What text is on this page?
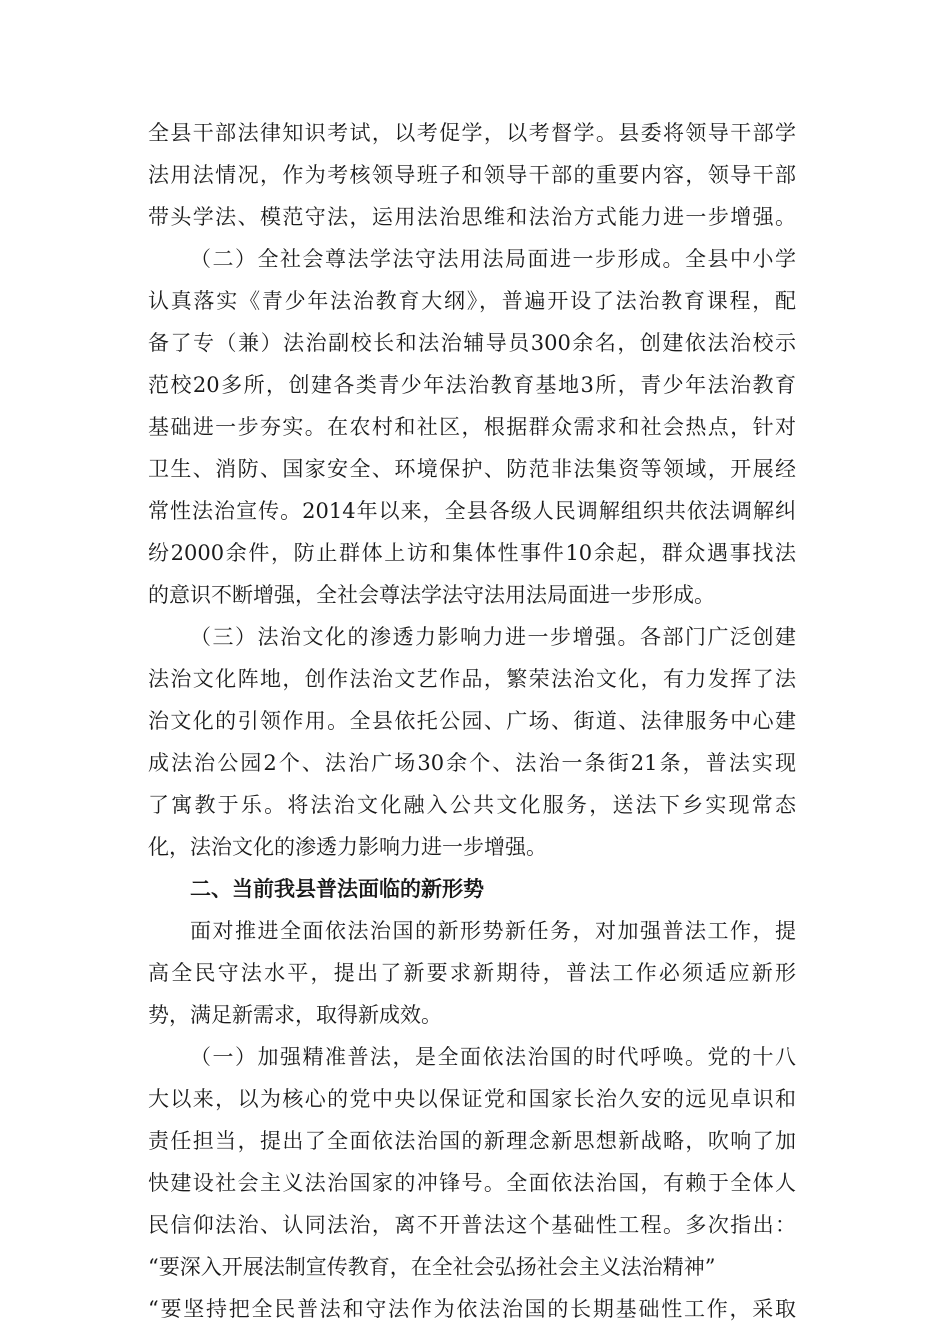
全县干部法律知识考试，以考促学，以考督学。县委将领导干部学
法用法情况，作为考核领导班子和领导干部的重要内容，领导干部
带头学法、模范守法，运用法治思维和法治方式能力进一步增强。
（二）全社会尊法学法守法用法局面进一步形成。全县中小学
认真落实《青少年法治教育大纲》，普遍开设了法治教育课程，配
备了专（兼）法治副校长和法治辅导员300余名，创建依法治校示
范校20多所，创建各类青少年法治教育基地3所，青少年法治教育
基础进一步夯实。在农村和社区，根据群众需求和社会热点，针对
卫生、消防、国家安全、环境保护、防范非法集资等领域，开展经
常性法治宣传。2014年以来，全县各级人民调解组织共依法调解纠
纷2000余件，防止群体上访和集体性事件10余起，群众遇事找法
的意识不断增强，全社会尊法学法守法用法局面进一步形成。
（三）法治文化的渗透力影响力进一步增强。各部门广泛创建
法治文化阵地，创作法治文艺作品，繁荣法治文化，有力发挥了法
治文化的引领作用。全县依托公园、广场、街道、法律服务中心建
成法治公园2个、法治广场30余个、法治一条街21条，普法实现
了寓教于乐。将法治文化融入公共文化服务，送法下乡实现常态
化，法治文化的渗透力影响力进一步增强。
二、当前我县普法面临的新形势
面对推进全面依法治国的新形势新任务，对加强普法工作，提
高全民守法水平，提出了新要求新期待，普法工作必须适应新形
势，满足新需求，取得新成效。
（一）加强精准普法，是全面依法治国的时代呼唤。党的十八
大以来，以为核心的党中央以保证党和国家长治久安的远见卓识和
责任担当，提出了全面依法治国的新理念新思想新战略，吹响了加
快建设社会主义法治国家的冲锋号。全面依法治国，有赖于全体人
民信仰法治、认同法治，离不开普法这个基础性工程。多次指出：
“要深入开展法制宣传教育，在全社会弘扬社会主义法治精神”
“要坚持把全民普法和守法作为依法治国的长期基础性工作，采取
